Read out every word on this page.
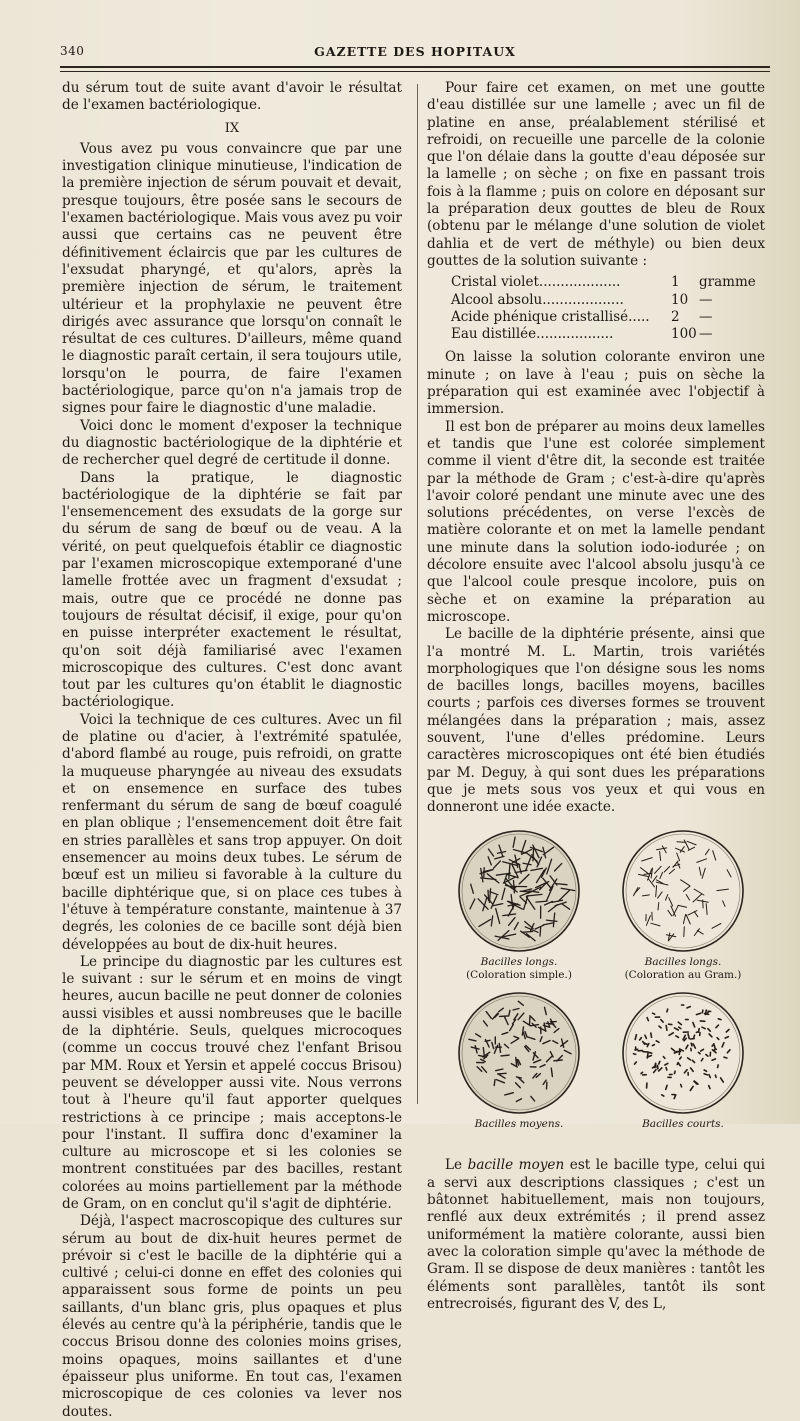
340	GAZETTE DES HOPITAUX

du sérum tout de suite avant d'avoir le résultat de l'examen bactériologique.

IX

Vous avez pu vous convaincre que par une investigation clinique minutieuse, l'indication de la première injection de sérum pouvait et devait, presque toujours, être posée sans le secours de l'examen bactériologique. Mais vous avez pu voir aussi que certains cas ne peuvent être définitivement éclaircis que par les cultures de l'exsudat pharyngé, et qu'alors, après la première injection de sérum, le traitement ultérieur et la prophylaxie ne peuvent être dirigés avec assurance que lorsqu'on connaît le résultat de ces cultures. D'ailleurs, même quand le diagnostic paraît certain, il sera toujours utile, lorsqu'on le pourra, de faire l'examen bactériologique, parce qu'on n'a jamais trop de signes pour faire le diagnostic d'une maladie.

Voici donc le moment d'exposer la technique du diagnostic bactériologique de la diphtérie et de rechercher quel degré de certitude il donne.

Dans la pratique, le diagnostic bactériologique de la diphtérie se fait par l'ensemencement des exsudats de la gorge sur du sérum de sang de bœuf ou de veau. A la vérité, on peut quelquefois établir ce diagnostic par l'examen microscopique extemporané d'une lamelle frottée avec un fragment d'exsudat ; mais, outre que ce procédé ne donne pas toujours de résultat décisif, il exige, pour qu'on en puisse interpréter exactement le résultat, qu'on soit déjà familiarisé avec l'examen microscopique des cultures. C'est donc avant tout par les cultures qu'on établit le diagnostic bactériologique.

Voici la technique de ces cultures. Avec un fil de platine ou d'acier, à l'extrémité spatulée, d'abord flambé au rouge, puis refroidi, on gratte la muqueuse pharyngée au niveau des exsudats et on ensemence en surface des tubes renfermant du sérum de sang de bœuf coagulé en plan oblique ; l'ensemencement doit être fait en stries parallèles et sans trop appuyer. On doit ensemencer au moins deux tubes. Le sérum de bœuf est un milieu si favorable à la culture du bacille diphtérique que, si on place ces tubes à l'étuve à température constante, maintenue à 37 degrés, les colonies de ce bacille sont déjà bien développées au bout de dix-huit heures.

Le principe du diagnostic par les cultures est le suivant : sur le sérum et en moins de vingt heures, aucun bacille ne peut donner de colonies aussi visibles et aussi nombreuses que le bacille de la diphtérie. Seuls, quelques microcoques (comme un coccus trouvé chez l'enfant Brisou par MM. Roux et Yersin et appelé coccus Brisou) peuvent se développer aussi vite. Nous verrons tout à l'heure qu'il faut apporter quelques restrictions à ce principe ; mais acceptons-le pour l'instant. Il suffira donc d'examiner la culture au microscope et si les colonies se montrent constituées par des bacilles, restant colorées au moins partiellement par la méthode de Gram, on en conclut qu'il s'agit de diphtérie.

Déjà, l'aspect macroscopique des cultures sur sérum au bout de dix-huit heures permet de prévoir si c'est le bacille de la diphtérie qui a cultivé ; celui-ci donne en effet des colonies qui apparaissent sous forme de points un peu saillants, d'un blanc gris, plus opaques et plus élevés au centre qu'à la périphérie, tandis que le coccus Brisou donne des colonies moins grises, moins opaques, moins saillantes et d'une épaisseur plus uniforme. En tout cas, l'examen microscopique de ces colonies va lever nos doutes.

Pour faire cet examen, on met une goutte d'eau distillée sur une lamelle ; avec un fil de platine en anse, préalablement stérilisé et refroidi, on recueille une parcelle de la colonie que l'on délaie dans la goutte d'eau déposée sur la lamelle ; on sèche ; on fixe en passant trois fois à la flamme ; puis on colore en déposant sur la préparation deux gouttes de bleu de Roux (obtenu par le mélange d'une solution de violet dahlia et de vert de méthyle) ou bien deux gouttes de la solution suivante :

Cristal violet...................	1 gramme
Alcool absolu...................	10 —
Acide phénique cristallisé..... 2 —
Eau distillée..................	100 —

On laisse la solution colorante environ une minute ; on lave à l'eau ; puis on sèche la préparation qui est examinée avec l'objectif à immersion.

Il est bon de préparer au moins deux lamelles et tandis que l'une est colorée simplement comme il vient d'être dit, la seconde est traitée par la méthode de Gram ; c'est-à-dire qu'après l'avoir coloré pendant une minute avec une des solutions précédentes, on verse l'excès de matière colorante et on met la lamelle pendant une minute dans la solution iodo-iodurée ; on décolore ensuite avec l'alcool absolu jusqu'à ce que l'alcool coule presque incolore, puis on sèche et on examine la préparation au microscope.

Le bacille de la diphtérie présente, ainsi que l'a montré M. L. Martin, trois variétés morphologiques que l'on désigne sous les noms de bacilles longs, bacilles moyens, bacilles courts ; parfois ces diverses formes se trouvent mélangées dans la préparation ; mais, assez souvent, l'une d'elles prédomine. Leurs caractères microscopiques ont été bien étudiés par M. Deguy, à qui sont dues les préparations que je mets sous vos yeux et qui vous en donneront une idée exacte.

Bacilles longs.
(Coloration simple.)
Bacilles longs.
(Coloration au Gram.)
Bacilles moyens.	Bacilles courts.

Le bacille moyen est le bacille type, celui qui a servi aux descriptions classiques ; c'est un bâtonnet habituellement, mais non toujours, renflé aux deux extrémités ; il prend assez uniformément la matière colorante, aussi bien avec la coloration simple qu'avec la méthode de Gram. Il se dispose de deux manières : tantôt les éléments sont parallèles, tantôt ils sont entrecroisés, figurant des V, des L,
